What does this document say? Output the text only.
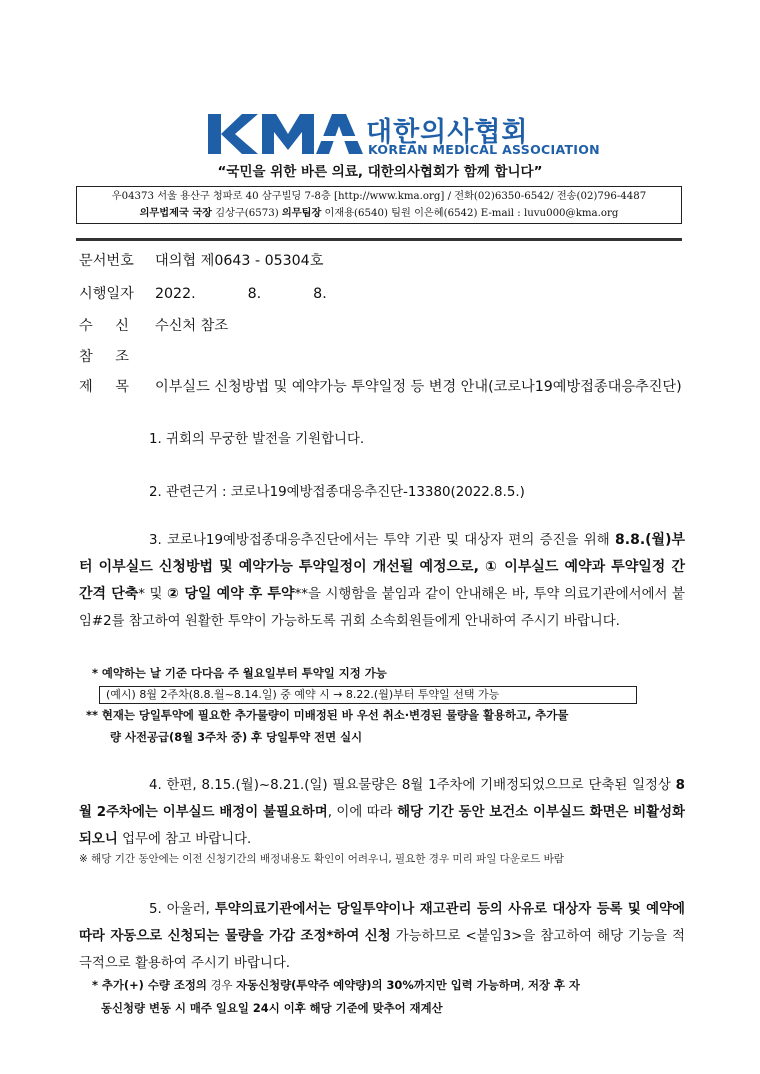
대한의사협회
KOREAN MEDICAL ASSOCIATION
“국민을 위한 바른 의료, 대한의사협회가 함께 합니다”
우04373 서울 용산구 청파로 40 삼구빌딩 7-8층 [http://www.kma.org] / 전화(02)6350-6542/ 전송(02)796-4487
의무법제국 국장 김상구(6573) 의무팀장 이재용(6540) 팀원 이은혜(6542) E-mail : luvu000@kma.org
문서번호 대의협 제0643 - 05304호
시행일자 2022.	8.	8.
수     신 수신처 참조
참     조
제     목 이부실드 신청방법 및 예약가능 투약일정 등 변경 안내(코로나19예방접종대응추진단)
1. 귀회의 무궁한 발전을 기원합니다.
2. 관련근거 : 코로나19예방접종대응추진단-13380(2022.8.5.)
3. 코로나19예방접종대응추진단에서는 투약 기관 및 대상자 편의 증진을 위해 8.8.(월)부터 이부실드 신청방법 및 예약가능 투약일정이 개선될 예정으로, ① 이부실드 예약과 투약일정 간 간격 단축* 및 ② 당일 예약 후 투약**을 시행함을 붙임과 같이 안내해온 바, 투약 의료기관에서에서 붙임#2를 참고하여 원활한 투약이 가능하도록 귀회 소속회원들에게 안내하여 주시기 바랍니다.
* 예약하는 날 기준 다다음 주 월요일부터 투약일 지정 가능
(예시) 8월 2주차(8.8.월~8.14.일) 중 예약 시 → 8.22.(월)부터 투약일 선택 가능
** 현재는 당일투약에 필요한 추가물량이 미배정된 바 우선 취소·변경된 물량을 활용하고, 추가물
량 사전공급(8월 3주차 중) 후 당일투약 전면 실시
4. 한편, 8.15.(월)~8.21.(일) 필요물량은 8월 1주차에 기배정되었으므로 단축된 일정상 8월 2주차에는 이부실드 배정이 불필요하며, 이에 따라 해당 기간 동안 보건소 이부실드 화면은 비활성화되오니 업무에 참고 바랍니다.
※ 해당 기간 동안에는 이전 신청기간의 배정내용도 확인이 어려우니, 필요한 경우 미리 파일 다운로드 바람
5. 아울러, 투약의료기관에서는 당일투약이나 재고관리 등의 사유로 대상자 등록 및 예약에 따라 자동으로 신청되는 물량을 가감 조정*하여 신청 가능하므로 <붙임3>을 참고하여 해당 기능을 적극적으로 활용하여 주시기 바랍니다.
* 추가(+) 수량 조정의 경우 자동신청량(투약주 예약량)의 30%까지만 입력 가능하며, 저장 후 자
동신청량 변동 시 매주 일요일 24시 이후 해당 기준에 맞추어 재계산
